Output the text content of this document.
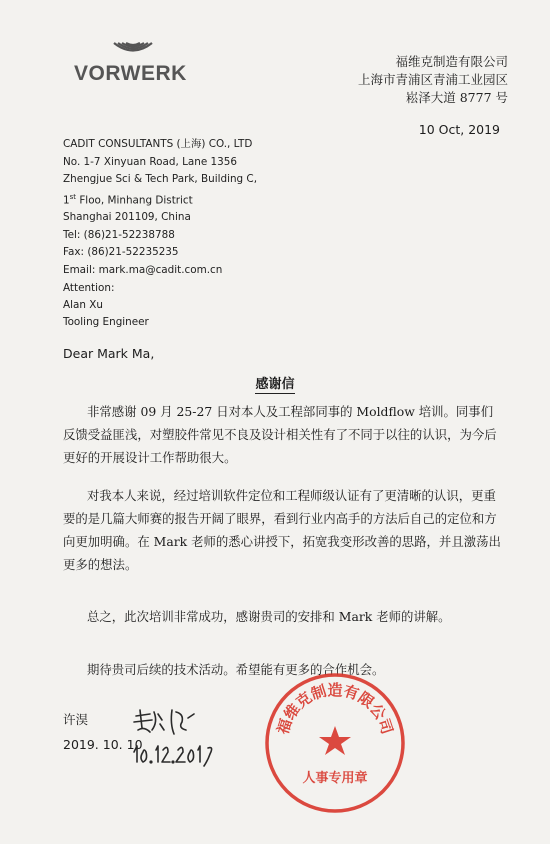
VORWERK
福维克制造有限公司
上海市青浦区青浦工业园区
崧泽大道 8777 号
10 Oct, 2019
CADIT CONSULTANTS (上海) CO., LTD
No. 1-7 Xinyuan Road, Lane 1356
Zhengjue Sci & Tech Park, Building C,
1st Floo, Minhang District
Shanghai 201109, China
Tel: (86)21-52238788
Fax: (86)21-52235235
Email: mark.ma@cadit.com.cn
Attention:
Alan Xu
Tooling Engineer
Dear Mark Ma,
感谢信
非常感谢 09 月 25-27 日对本人及工程部同事的 Moldflow 培训。同事们反馈受益匪浅，对塑胶件常见不良及设计相关性有了不同于以往的认识，为今后更好的开展设计工作帮助很大。
对我本人来说，经过培训软件定位和工程师级认证有了更清晰的认识，更重要的是几篇大师赛的报告开阔了眼界，看到行业内高手的方法后自己的定位和方向更加明确。在 Mark 老师的悉心讲授下，拓宽我变形改善的思路，并且激荡出更多的想法。
总之，此次培训非常成功，感谢贵司的安排和 Mark 老师的讲解。
期待贵司后续的技术活动。希望能有更多的合作机会。
许淏
2019. 10. 10
福维克制造有限公司
人事专用章
